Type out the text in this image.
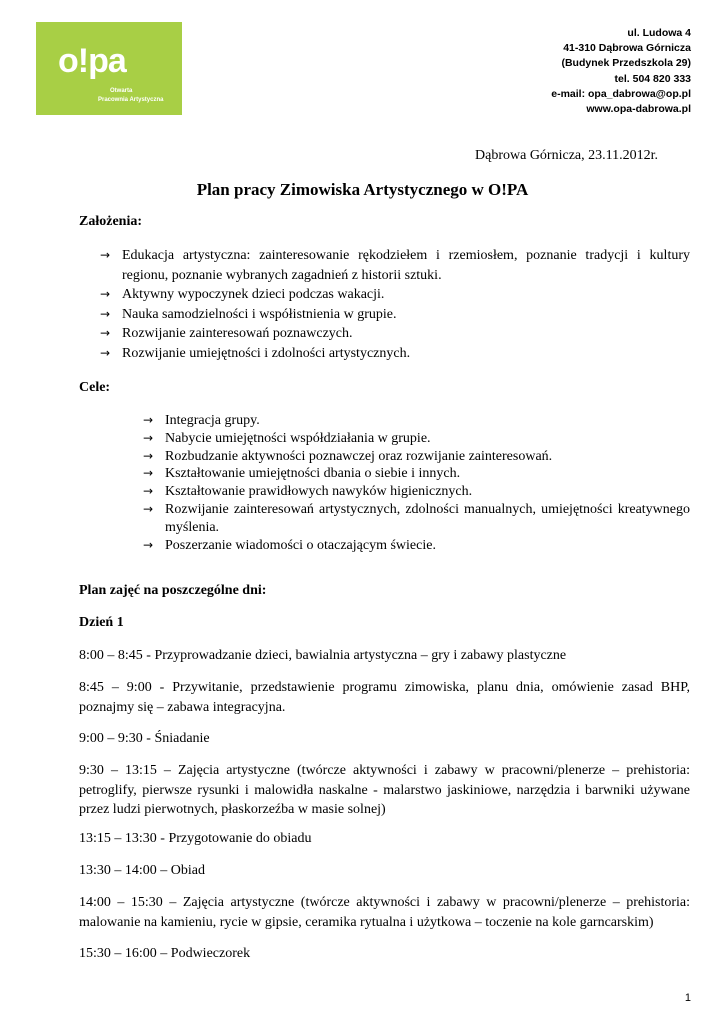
o!pa
Otwarta
Pracownia Artystyczna
ul. Ludowa 4
41-310 Dąbrowa Górnicza
(Budynek Przedszkola 29)
tel. 504 820 333
e-mail: opa_dabrowa@op.pl
www.opa-dabrowa.pl
Dąbrowa Górnicza, 23.11.2012r.
Plan pracy Zimowiska Artystycznego w O!PA
Założenia:
→ Edukacja artystyczna: zainteresowanie rękodziełem i rzemiosłem, poznanie tradycji i kultury regionu, poznanie wybranych zagadnień z historii sztuki.
→ Aktywny wypoczynek dzieci podczas wakacji.
→ Nauka samodzielności i współistnienia w grupie.
→ Rozwijanie zainteresowań poznawczych.
→ Rozwijanie umiejętności i zdolności artystycznych.
Cele:
→ Integracja grupy.
→ Nabycie umiejętności współdziałania w grupie.
→ Rozbudzanie aktywności poznawczej oraz rozwijanie zainteresowań.
→ Kształtowanie umiejętności dbania o siebie i innych.
→ Kształtowanie prawidłowych nawyków higienicznych.
→ Rozwijanie zainteresowań artystycznych, zdolności manualnych, umiejętności kreatywnego myślenia.
→ Poszerzanie wiadomości o otaczającym świecie.
Plan zajęć na poszczególne dni:
Dzień 1
8:00 – 8:45 - Przyprowadzanie dzieci, bawialnia artystyczna – gry i zabawy plastyczne
8:45 – 9:00 - Przywitanie, przedstawienie programu zimowiska, planu dnia, omówienie zasad BHP, poznajmy się – zabawa integracyjna.
9:00 – 9:30 - Śniadanie
9:30 – 13:15 – Zajęcia artystyczne (twórcze aktywności i zabawy w pracowni/plenerze – prehistoria: petroglify, pierwsze rysunki i malowidła naskalne - malarstwo jaskiniowe, narzędzia i barwniki używane przez ludzi pierwotnych, płaskorzeźba w masie solnej)
13:15 – 13:30 - Przygotowanie do obiadu
13:30 – 14:00 – Obiad
14:00 – 15:30 – Zajęcia artystyczne (twórcze aktywności i zabawy w pracowni/plenerze – prehistoria: malowanie na kamieniu, rycie w gipsie, ceramika rytualna i użytkowa – toczenie na kole garncarskim)
15:30 – 16:00 – Podwieczorek
1
